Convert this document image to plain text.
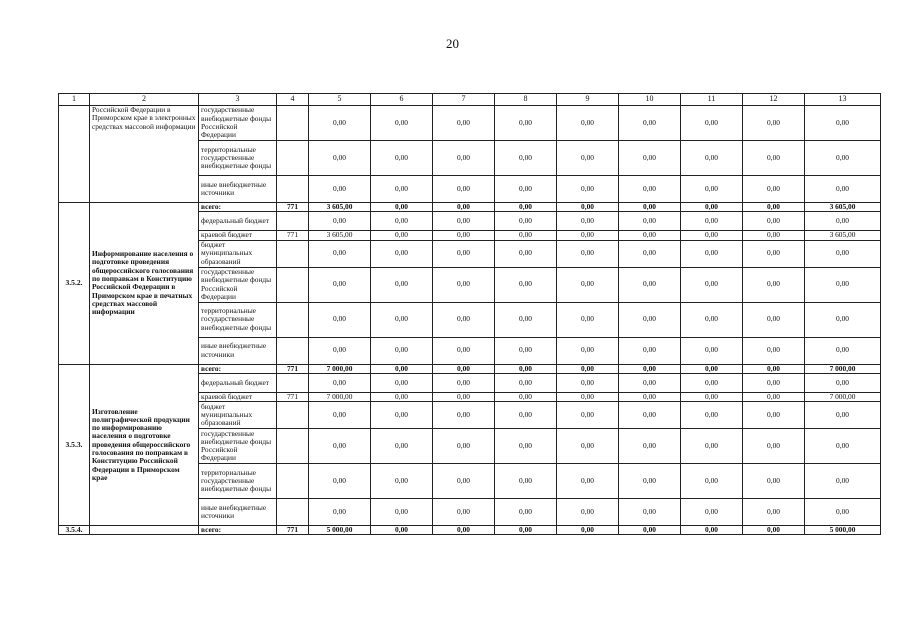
20
1	2	3	4	5	6	7	8	9	10	11	12	13
	Российской Федерации в Приморском крае в электронных средствах массовой информации	государственные внебюджетные фонды Российской Федерации		0,00	0,00	0,00	0,00	0,00	0,00	0,00	0,00	0,00
		территориальные государственные внебюджетные фонды		0,00	0,00	0,00	0,00	0,00	0,00	0,00	0,00	0,00
		иные внебюджетные источники		0,00	0,00	0,00	0,00	0,00	0,00	0,00	0,00	0,00
3.5.2.	Информирование населения о подготовке проведения общероссийского голосования по поправкам в Конституцию Российской Федерации в Приморском крае в печатных средствах массовой информации	всего:	771	3 605,00	0,00	0,00	0,00	0,00	0,00	0,00	0,00	3 605,00
		федеральный бюджет		0,00	0,00	0,00	0,00	0,00	0,00	0,00	0,00	0,00
		краевой бюджет	771	3 605,00	0,00	0,00	0,00	0,00	0,00	0,00	0,00	3 605,00
		бюджет муниципальных образований		0,00	0,00	0,00	0,00	0,00	0,00	0,00	0,00	0,00
		государственные внебюджетные фонды Российской Федерации		0,00	0,00	0,00	0,00	0,00	0,00	0,00	0,00	0,00
		территориальные государственные внебюджетные фонды		0,00	0,00	0,00	0,00	0,00	0,00	0,00	0,00	0,00
		иные внебюджетные источники		0,00	0,00	0,00	0,00	0,00	0,00	0,00	0,00	0,00
3.5.3.	Изготовление полиграфической продукции по информированию населения о подготовке проведения общероссийского голосования по поправкам в Конституцию Российской Федерации в Приморском крае	всего:	771	7 000,00	0,00	0,00	0,00	0,00	0,00	0,00	0,00	7 000,00
		федеральный бюджет		0,00	0,00	0,00	0,00	0,00	0,00	0,00	0,00	0,00
		краевой бюджет	771	7 000,00	0,00	0,00	0,00	0,00	0,00	0,00	0,00	7 000,00
		бюджет муниципальных образований		0,00	0,00	0,00	0,00	0,00	0,00	0,00	0,00	0,00
		государственные внебюджетные фонды Российской Федерации		0,00	0,00	0,00	0,00	0,00	0,00	0,00	0,00	0,00
		территориальные государственные внебюджетные фонды		0,00	0,00	0,00	0,00	0,00	0,00	0,00	0,00	0,00
		иные внебюджетные источники		0,00	0,00	0,00	0,00	0,00	0,00	0,00	0,00	0,00
3.5.4.		всего:	771	5 000,00	0,00	0,00	0,00	0,00	0,00	0,00	0,00	5 000,00
